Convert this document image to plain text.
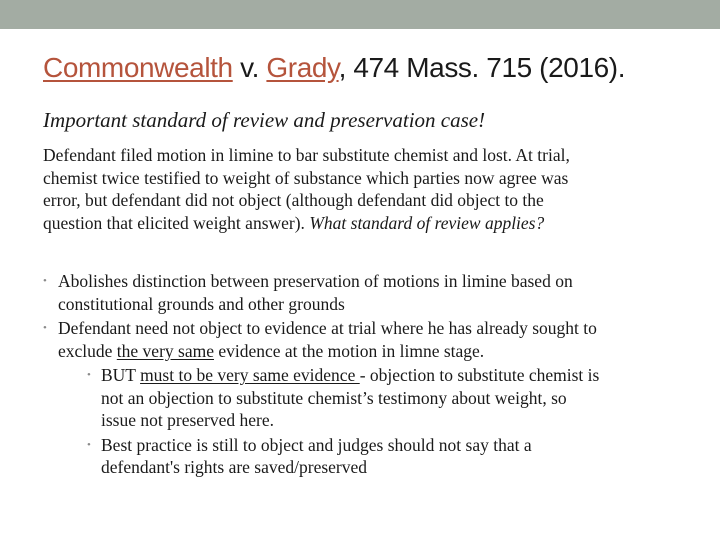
Commonwealth v. Grady, 474 Mass. 715 (2016).
Important standard of review and preservation case!
Defendant filed motion in limine to bar substitute chemist and lost. At trial,
chemist twice testified to weight of substance which parties now agree was
error, but defendant did not object (although defendant did object to the
question that elicited weight answer). What standard of review applies?
• Abolishes distinction between preservation of motions in limine based on
constitutional grounds and other grounds
• Defendant need not object to evidence at trial where he has already sought to
exclude the very same evidence at the motion in limne stage.
• BUT must to be very same evidence - objection to substitute chemist is
not an objection to substitute chemist’s testimony about weight, so
issue not preserved here.
• Best practice is still to object and judges should not say that a
defendant's rights are saved/preserved
